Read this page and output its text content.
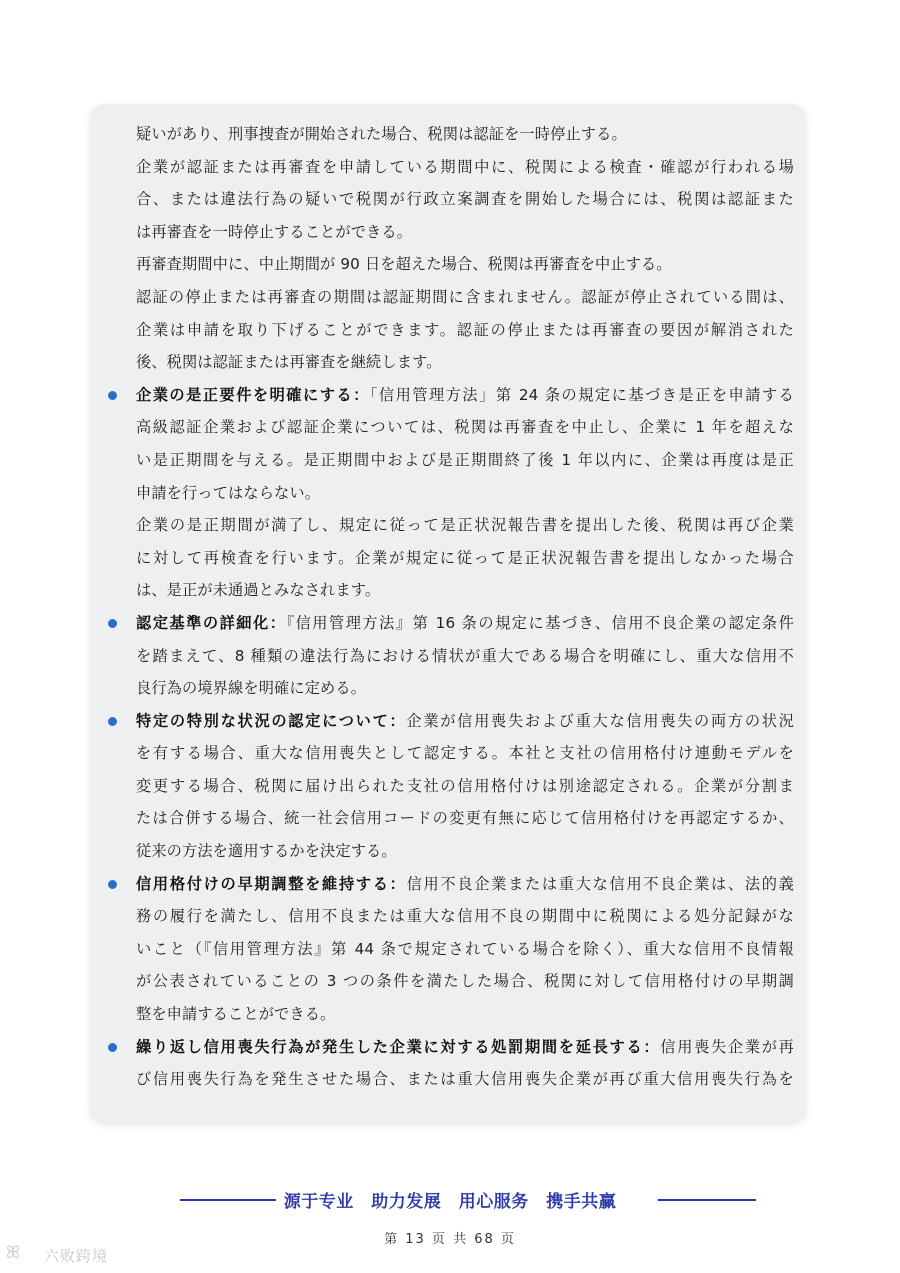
疑いがあり、刑事捜査が開始された場合、税関は認証を一時停止する。
企業が認証または再審査を申請している期間中に、税関による検査・確認が行われる場
合、または違法行為の疑いで税関が行政立案調査を開始した場合には、税関は認証また
は再審査を一時停止することができる。
再審査期間中に、中止期間が 90 日を超えた場合、税関は再審査を中止する。
認証の停止または再審査の期間は認証期間に含まれません。認証が停止されている間は、
企業は申請を取り下げることができます。認証の停止または再審査の要因が解消された
後、税関は認証または再審査を継続します。
企業の是正要件を明確にする：「信用管理方法」第 24 条の規定に基づき是正を申請する
高級認証企業および認証企業については、税関は再審査を中止し、企業に 1 年を超えな
い是正期間を与える。是正期間中および是正期間終了後 1 年以内に、企業は再度は是正
申請を行ってはならない。
企業の是正期間が満了し、規定に従って是正状況報告書を提出した後、税関は再び企業
に対して再検査を行います。企業が規定に従って是正状況報告書を提出しなかった場合
は、是正が未通過とみなされます。
認定基準の詳細化：『信用管理方法』第 16 条の規定に基づき、信用不良企業の認定条件
を踏まえて、8 種類の違法行為における情状が重大である場合を明確にし、重大な信用不
良行為の境界線を明確に定める。
特定の特別な状況の認定について：企業が信用喪失および重大な信用喪失の両方の状況
を有する場合、重大な信用喪失として認定する。本社と支社の信用格付け連動モデルを
変更する場合、税関に届け出られた支社の信用格付けは別途認定される。企業が分割ま
たは合併する場合、統一社会信用コードの変更有無に応じて信用格付けを再認定するか、
従来の方法を適用するかを決定する。
信用格付けの早期調整を維持する：信用不良企業または重大な信用不良企業は、法的義
務の履行を満たし、信用不良または重大な信用不良の期間中に税関による処分記録がな
いこと（『信用管理方法』第 44 条で規定されている場合を除く）、重大な信用不良情報
が公表されていることの 3 つの条件を満たした場合、税関に対して信用格付けの早期調
整を申請することができる。
繰り返し信用喪失行為が発生した企業に対する処罰期間を延長する：信用喪失企業が再
び信用喪失行為を発生させた場合、または重大信用喪失企業が再び重大信用喪失行為を
源于专业　助力发展　用心服务　携手共赢
第 13 页 共 68 页
ꕤ 六败跨境
